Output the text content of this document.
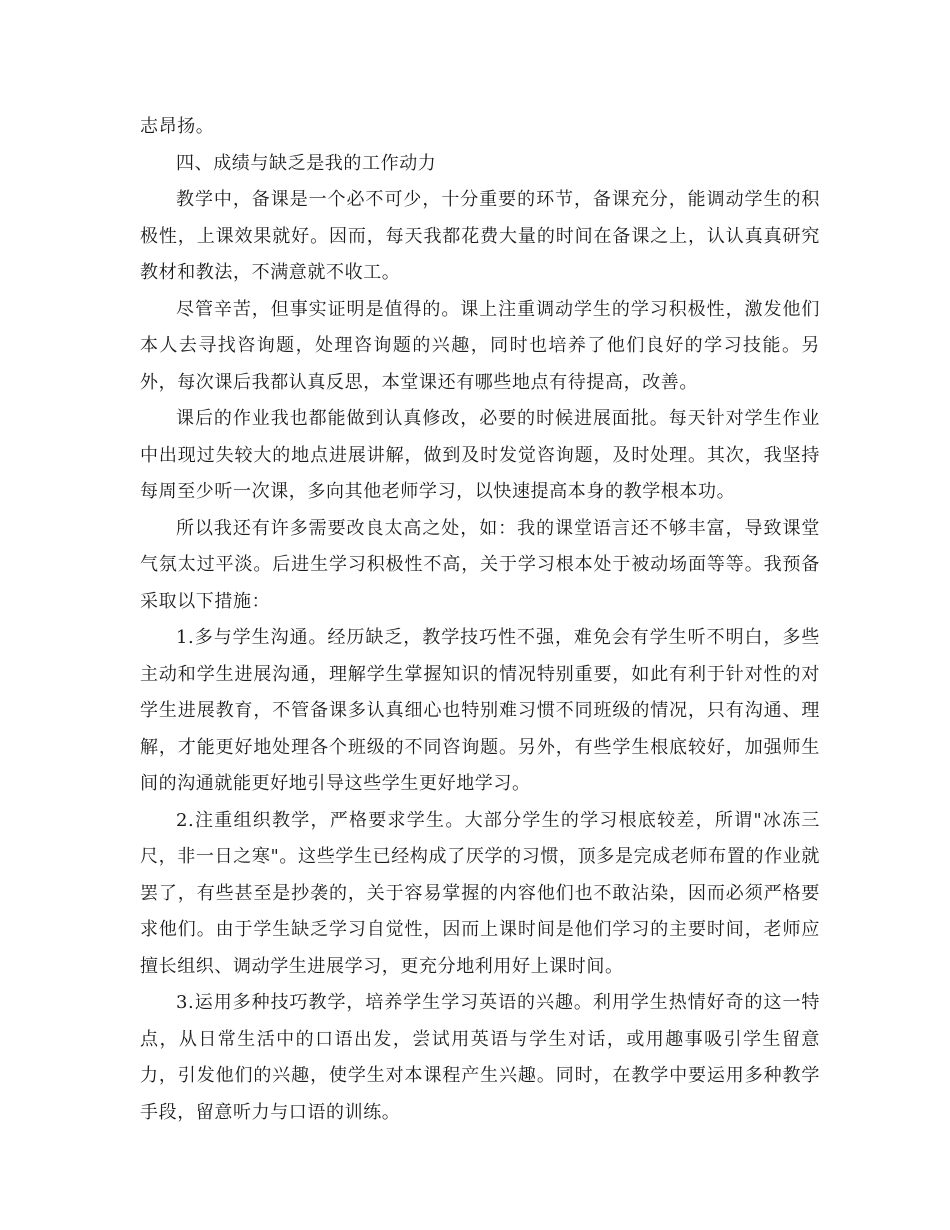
志昂扬。

四、成绩与缺乏是我的工作动力

教学中，备课是一个必不可少，十分重要的环节，备课充分，能调动学生的积极性，上课效果就好。因而，每天我都花费大量的时间在备课之上，认认真真研究教材和教法，不满意就不收工。

尽管辛苦，但事实证明是值得的。课上注重调动学生的学习积极性，激发他们本人去寻找咨询题，处理咨询题的兴趣，同时也培养了他们良好的学习技能。另外，每次课后我都认真反思，本堂课还有哪些地点有待提高，改善。

课后的作业我也都能做到认真修改，必要的时候进展面批。每天针对学生作业中出现过失较大的地点进展讲解，做到及时发觉咨询题，及时处理。其次，我坚持每周至少听一次课，多向其他老师学习，以快速提高本身的教学根本功。

所以我还有许多需要改良太高之处，如：我的课堂语言还不够丰富，导致课堂气氛太过平淡。后进生学习积极性不高，关于学习根本处于被动场面等等。我预备采取以下措施：

1.多与学生沟通。经历缺乏，教学技巧性不强，难免会有学生听不明白，多些主动和学生进展沟通，理解学生掌握知识的情况特别重要，如此有利于针对性的对学生进展教育，不管备课多认真细心也特别难习惯不同班级的情况，只有沟通、理解，才能更好地处理各个班级的不同咨询题。另外，有些学生根底较好，加强师生间的沟通就能更好地引导这些学生更好地学习。

2.注重组织教学，严格要求学生。大部分学生的学习根底较差，所谓"冰冻三尺，非一日之寒"。这些学生已经构成了厌学的习惯，顶多是完成老师布置的作业就罢了，有些甚至是抄袭的，关于容易掌握的内容他们也不敢沾染，因而必须严格要求他们。由于学生缺乏学习自觉性，因而上课时间是他们学习的主要时间，老师应擅长组织、调动学生进展学习，更充分地利用好上课时间。

3.运用多种技巧教学，培养学生学习英语的兴趣。利用学生热情好奇的这一特点，从日常生活中的口语出发，尝试用英语与学生对话，或用趣事吸引学生留意力，引发他们的兴趣，使学生对本课程产生兴趣。同时，在教学中要运用多种教学手段，留意听力与口语的训练。
